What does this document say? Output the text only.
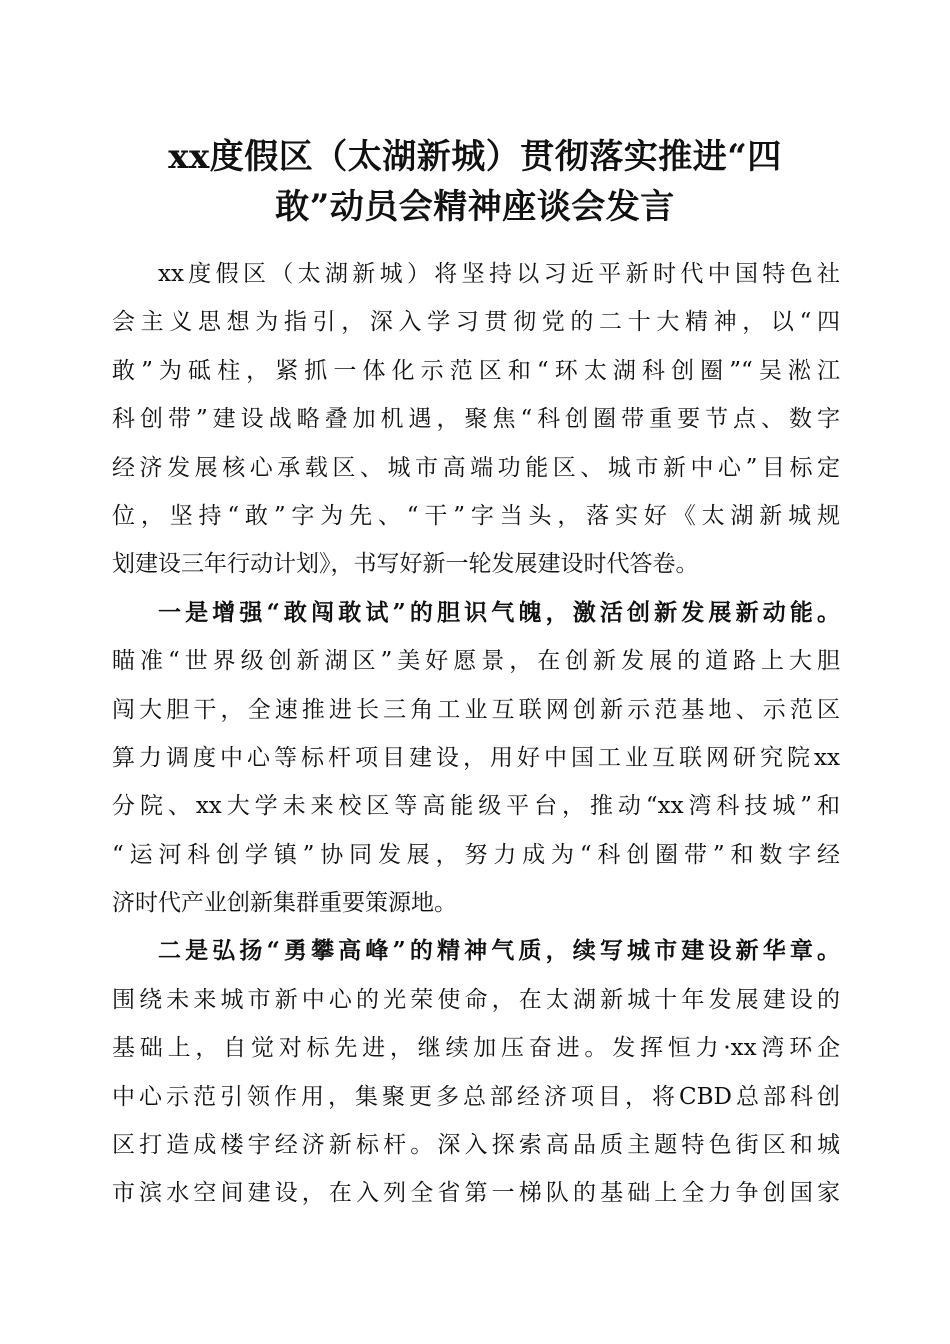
xx度假区（太湖新城）贯彻落实推进“四
敢”动员会精神座谈会发言
xx度假区（太湖新城）将坚持以习近平新时代中国特色社
会主义思想为指引，深入学习贯彻党的二十大精神，以“四
敢”为砥柱，紧抓一体化示范区和“环太湖科创圈”“吴淞江
科创带”建设战略叠加机遇，聚焦“科创圈带重要节点、数字
经济发展核心承载区、城市高端功能区、城市新中心”目标定
位，坚持“敢”字为先、“干”字当头，落实好《太湖新城规
划建设三年行动计划》，书写好新一轮发展建设时代答卷。
一是增强“敢闯敢试”的胆识气魄，激活创新发展新动能。
瞄准“世界级创新湖区”美好愿景，在创新发展的道路上大胆
闯大胆干，全速推进长三角工业互联网创新示范基地、示范区
算力调度中心等标杆项目建设，用好中国工业互联网研究院xx
分院、xx大学未来校区等高能级平台，推动“xx湾科技城”和
“运河科创学镇”协同发展，努力成为“科创圈带”和数字经
济时代产业创新集群重要策源地。
二是弘扬“勇攀高峰”的精神气质，续写城市建设新华章。
围绕未来城市新中心的光荣使命，在太湖新城十年发展建设的
基础上，自觉对标先进，继续加压奋进。发挥恒力·xx湾环企
中心示范引领作用，集聚更多总部经济项目，将CBD总部科创
区打造成楼宇经济新标杆。深入探索高品质主题特色街区和城
市滨水空间建设，在入列全省第一梯队的基础上全力争创国家
